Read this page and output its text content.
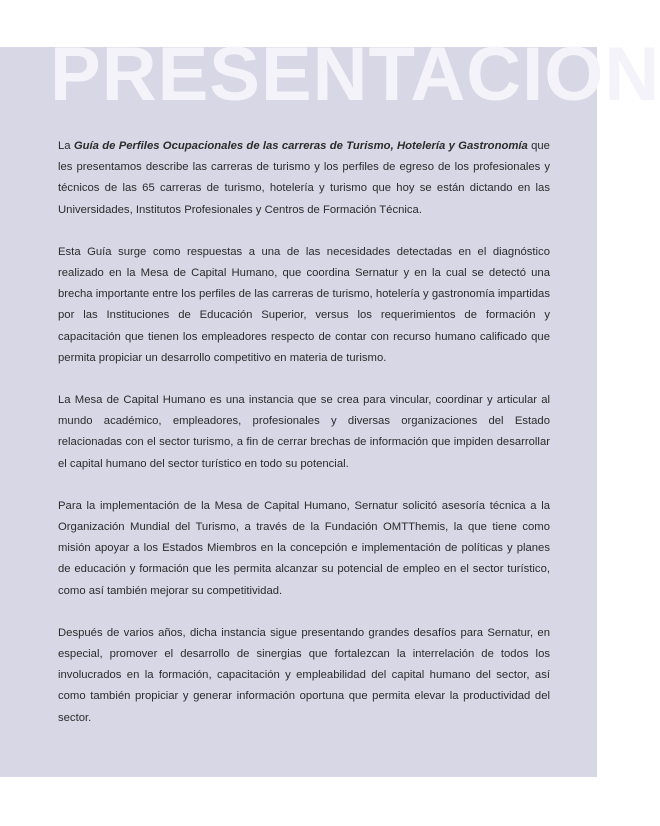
PRESENTACION

La Guía de Perfiles Ocupacionales de las carreras de Turismo, Hotelería y Gastronomía que les presentamos describe las carreras de turismo y los perfiles de egreso de los profesionales y técnicos de las 65 carreras de turismo, hotelería y turismo que hoy se están dictando en las Universidades, Institutos Profesionales y Centros de Formación Técnica.

Esta Guía surge como respuestas a una de las necesidades detectadas en el diagnóstico realizado en la Mesa de Capital Humano, que coordina Sernatur y en la cual se detectó una brecha importante entre los perfiles de las carreras de turismo, hotelería y gastronomía impartidas por las Instituciones de Educación Superior, versus los requerimientos de formación y capacitación que tienen los empleadores respecto de contar con recurso humano calificado que permita propiciar un desarrollo competitivo en materia de turismo.

La Mesa de Capital Humano es una instancia que se crea para vincular, coordinar y articular al mundo académico, empleadores, profesionales y diversas organizaciones del Estado relacionadas con el sector turismo, a fin de cerrar brechas de información que impiden desarrollar el capital humano del sector turístico en todo su potencial.

Para la implementación de la Mesa de Capital Humano, Sernatur solicitó asesoría técnica a la Organización Mundial del Turismo, a través de la Fundación OMTThemis, la que tiene como misión apoyar a los Estados Miembros en la concepción e implementación de políticas y planes de educación y formación que les permita alcanzar su potencial de empleo en el sector turístico, como así también mejorar su competitividad.

Después de varios años, dicha instancia sigue presentando grandes desafíos para Sernatur, en especial, promover el desarrollo de sinergias que fortalezcan la interrelación de todos los involucrados en la formación, capacitación y empleabilidad del capital humano del sector, así como también propiciar y generar información oportuna que permita elevar la productividad del sector.
